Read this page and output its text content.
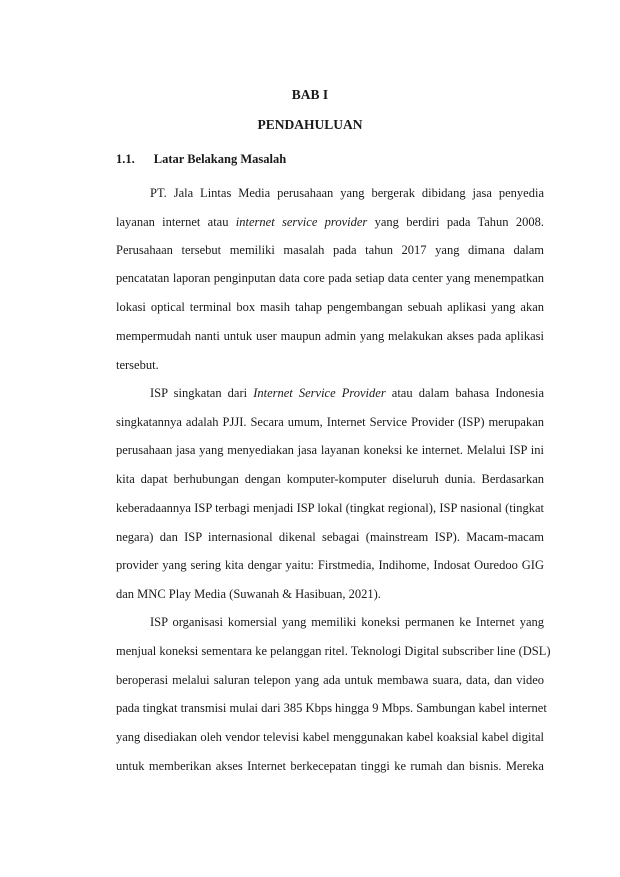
BAB I
PENDAHULUAN
1.1. Latar Belakang Masalah
PT. Jala Lintas Media perusahaan yang bergerak dibidang jasa penyedia
layanan internet atau internet service provider yang berdiri pada Tahun 2008.
Perusahaan tersebut memiliki masalah pada tahun 2017 yang dimana dalam
pencatatan laporan penginputan data core pada setiap data center yang menempatkan
lokasi optical terminal box masih tahap pengembangan sebuah aplikasi yang akan
mempermudah nanti untuk user maupun admin yang melakukan akses pada aplikasi
tersebut.
ISP singkatan dari Internet Service Provider atau dalam bahasa Indonesia
singkatannya adalah PJJI. Secara umum, Internet Service Provider (ISP) merupakan
perusahaan jasa yang menyediakan jasa layanan koneksi ke internet. Melalui ISP ini
kita dapat berhubungan dengan komputer-komputer diseluruh dunia. Berdasarkan
keberadaannya ISP terbagi menjadi ISP lokal (tingkat regional), ISP nasional (tingkat
negara) dan ISP internasional dikenal sebagai (mainstream ISP). Macam-macam
provider yang sering kita dengar yaitu: Firstmedia, Indihome, Indosat Ouredoo GIG
dan MNC Play Media (Suwanah & Hasibuan, 2021).
ISP organisasi komersial yang memiliki koneksi permanen ke Internet yang
menjual koneksi sementara ke pelanggan ritel. Teknologi Digital subscriber line (DSL)
beroperasi melalui saluran telepon yang ada untuk membawa suara, data, dan video
pada tingkat transmisi mulai dari 385 Kbps hingga 9 Mbps. Sambungan kabel internet
yang disediakan oleh vendor televisi kabel menggunakan kabel koaksial kabel digital
untuk memberikan akses Internet berkecepatan tinggi ke rumah dan bisnis. Mereka
